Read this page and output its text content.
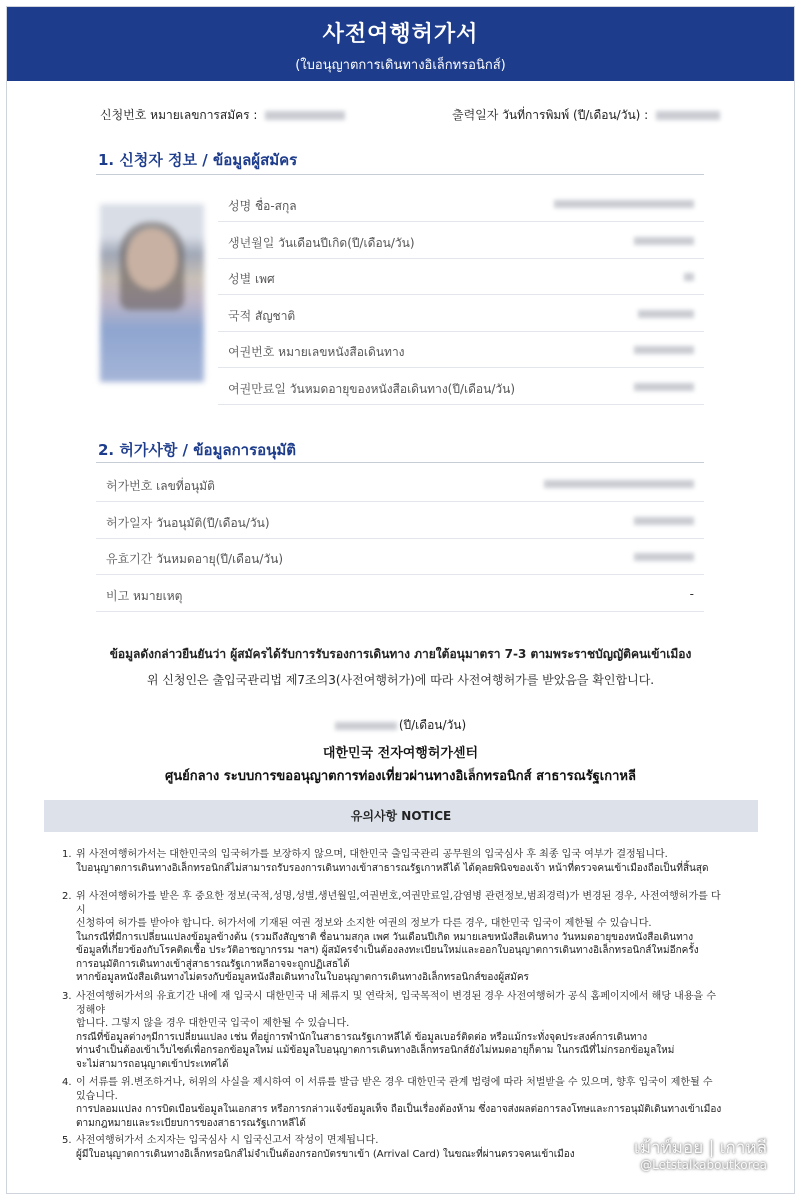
사전여행허가서
(ใบอนุญาตการเดินทางอิเล็กทรอนิกส์)
신청번호 หมายเลขการสมัคร :	출력일자 วันที่การพิมพ์ (ปี/เดือน/วัน) :
1. 신청자 정보 / ข้อมูลผู้สมัคร
성명 ชื่อ-สกุล
생년월일 วันเดือนปีเกิด(ปี/เดือน/วัน)
성별 เพศ
국적 สัญชาติ
여권번호 หมายเลขหนังสือเดินทาง
여권만료일 วันหมดอายุของหนังสือเดินทาง(ปี/เดือน/วัน)
2. 허가사항 / ข้อมูลการอนุมัติ
허가번호 เลขที่อนุมัติ
허가일자 วันอนุมัติ(ปี/เดือน/วัน)
유효기간 วันหมดอายุ(ปี/เดือน/วัน)
비고 หมายเหตุ	-
ข้อมูลดังกล่าวยืนยันว่า ผู้สมัครได้รับการรับรองการเดินทาง ภายใต้อนุมาตรา 7-3 ตามพระราชบัญญัติคนเข้าเมือง
위 신청인은 출입국관리법 제7조의3(사전여행허가)에 따라 사전여행허가를 받았음을 확인합니다.
(ปี/เดือน/วัน)
대한민국 전자여행허가센터
ศูนย์กลาง ระบบการขออนุญาตการท่องเที่ยวผ่านทางอิเล็กทรอนิกส์ สาธารณรัฐเกาหลี
유의사항 NOTICE
1. 위 사전여행허가서는 대한민국의 입국허가를 보장하지 않으며, 대한민국 출입국관리 공무원의 입국심사 후 최종 입국 여부가 결정됩니다.
ใบอนุญาตการเดินทางอิเล็กทรอนิกส์ไม่สามารถรับรองการเดินทางเข้าสาธารณรัฐเกาหลีได้ ได้ดุลยพินิจของเจ้า หน้าที่ตรวจคนเข้าเมืองถือเป็นที่สิ้นสุด
2. 위 사전여행허가를 받은 후 중요한 정보(국적,성명,성별,생년월일,여권번호,여권만료일,감염병 관련정보,범죄경력)가 변경된 경우, 사전여행허가를 다시
신청하여 허가를 받아야 합니다. 허가서에 기재된 여권 정보와 소지한 여권의 정보가 다른 경우, 대한민국 입국이 제한될 수 있습니다.
ในกรณีที่มีการเปลี่ยนแปลงข้อมูลข้างต้น (รวมถึงสัญชาติ ชื่อนามสกุล เพศ วันเดือนปีเกิด หมายเลขหนังสือเดินทาง วันหมดอายุของหนังสือเดินทาง
ข้อมูลที่เกี่ยวข้องกับโรคติดเชื้อ ประวัติอาชญากรรม ฯลฯ) ผู้สมัครจำเป็นต้องลงทะเบียนใหม่และออกใบอนุญาตการเดินทางอิเล็กทรอนิกส์ใหม่อีกครั้ง
การอนุมัติการเดินทางเข้าสู่สาธารณรัฐเกาหลีอาจจะถูกปฏิเสธได้
หากข้อมูลหนังสือเดินทางไม่ตรงกับข้อมูลหนังสือเดินทางในใบอนุญาตการเดินทางอิเล็กทรอนิกส์ของผู้สมัคร
3. 사전여행허가서의 유효기간 내에 재 입국시 대한민국 내 체류지 및 연락처, 입국목적이 변경된 경우 사전여행허가 공식 홈페이지에서 해당 내용을 수정해야
합니다. 그렇지 않을 경우 대한민국 입국이 제한될 수 있습니다.
กรณีที่ข้อมูลต่างๆมีการเปลี่ยนแปลง เช่น ที่อยู่การพำนักในสาธารณรัฐเกาหลีได้ ข้อมูลเบอร์ติดต่อ หรือแม้กระทั่งจุดประสงค์การเดินทาง
ท่านจำเป็นต้องเข้าเว็บไซต์เพื่อกรอกข้อมูลใหม่ แม้ข้อมูลใบอนุญาตการเดินทางอิเล็กทรอนิกส์ยังไม่หมดอายุก็ตาม ในกรณีที่ไม่กรอกข้อมูลใหม่
จะไม่สามารถอนุญาตเข้าประเทศได้
4. 이 서류를 위.변조하거나, 허위의 사실을 제시하여 이 서류를 발급 받은 경우 대한민국 관계 법령에 따라 처벌받을 수 있으며, 향후 입국이 제한될 수 있습니다.
การปลอมแปลง การบิดเบือนข้อมูลในเอกสาร หรือการกล่าวแจ้งข้อมูลเท็จ ถือเป็นเรื่องต้องห้าม ซึ่งอาจส่งผลต่อการลงโทษและการอนุมัติเดินทางเข้าเมือง
ตามกฎหมายและระเบียบการของสาธารณรัฐเกาหลีได้
5. 사전여행허가서 소지자는 입국심사 시 입국신고서 작성이 면제됩니다.
ผู้มีใบอนุญาตการเดินทางอิเล็กทรอนิกส์ไม่จำเป็นต้องกรอกบัตรขาเข้า (Arrival Card) ในขณะที่ผ่านตรวจคนเข้าเมือง	เม้าท์มอย | เกาหลี
@Letstalkaboutkorea
